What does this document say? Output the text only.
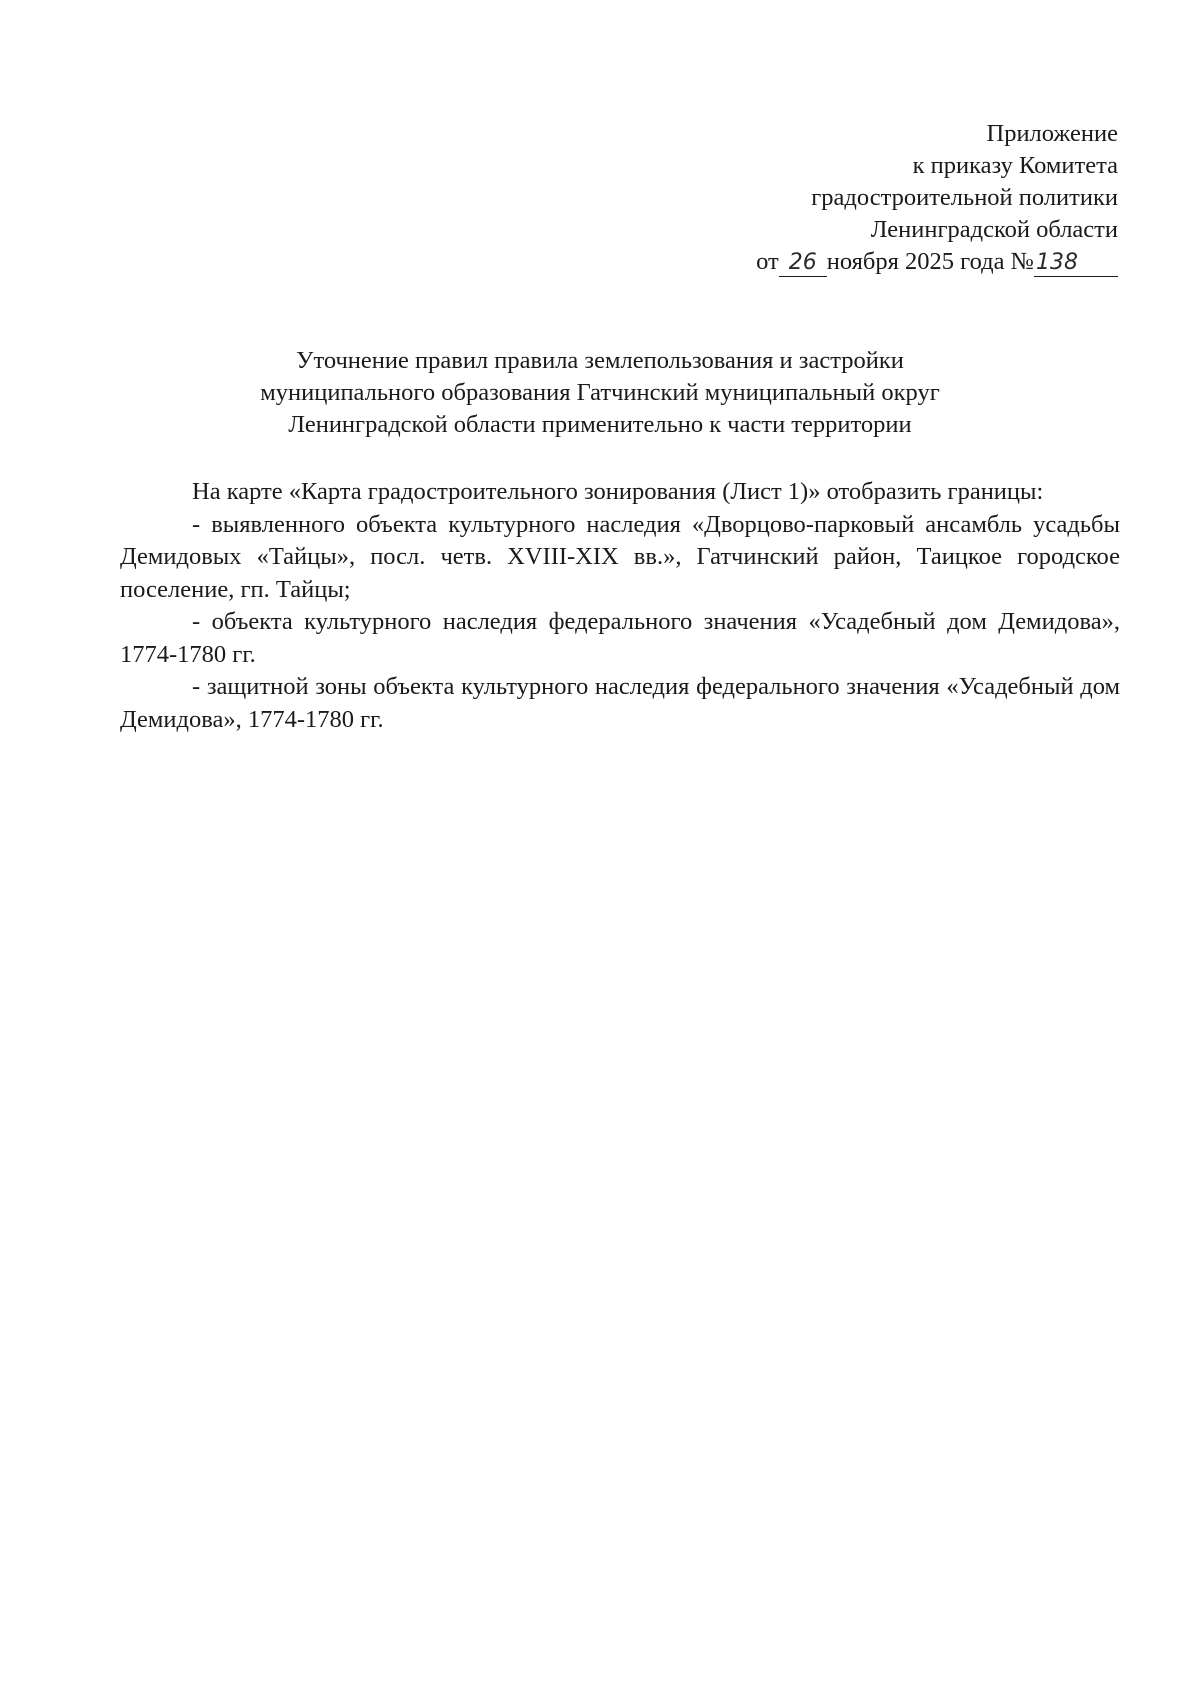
Приложение
к приказу Комитета
градостроительной политики
Ленинградской области
от 26 ноября 2025 года №138
Уточнение правил правила землепользования и застройки
муниципального образования Гатчинский муниципальный округ
Ленинградской области применительно к части территории

На карте «Карта градостроительного зонирования (Лист 1)» отобразить границы:

- выявленного объекта культурного наследия «Дворцово-парковый ансамбль усадьбы Демидовых «Тайцы», посл. четв. XVIII-XIX вв.», Гатчинский район, Таицкое городское поселение, гп. Тайцы;

- объекта культурного наследия федерального значения «Усадебный дом Демидова», 1774-1780 гг.

- защитной зоны объекта культурного наследия федерального значения «Усадебный дом Демидова», 1774-1780 гг.
